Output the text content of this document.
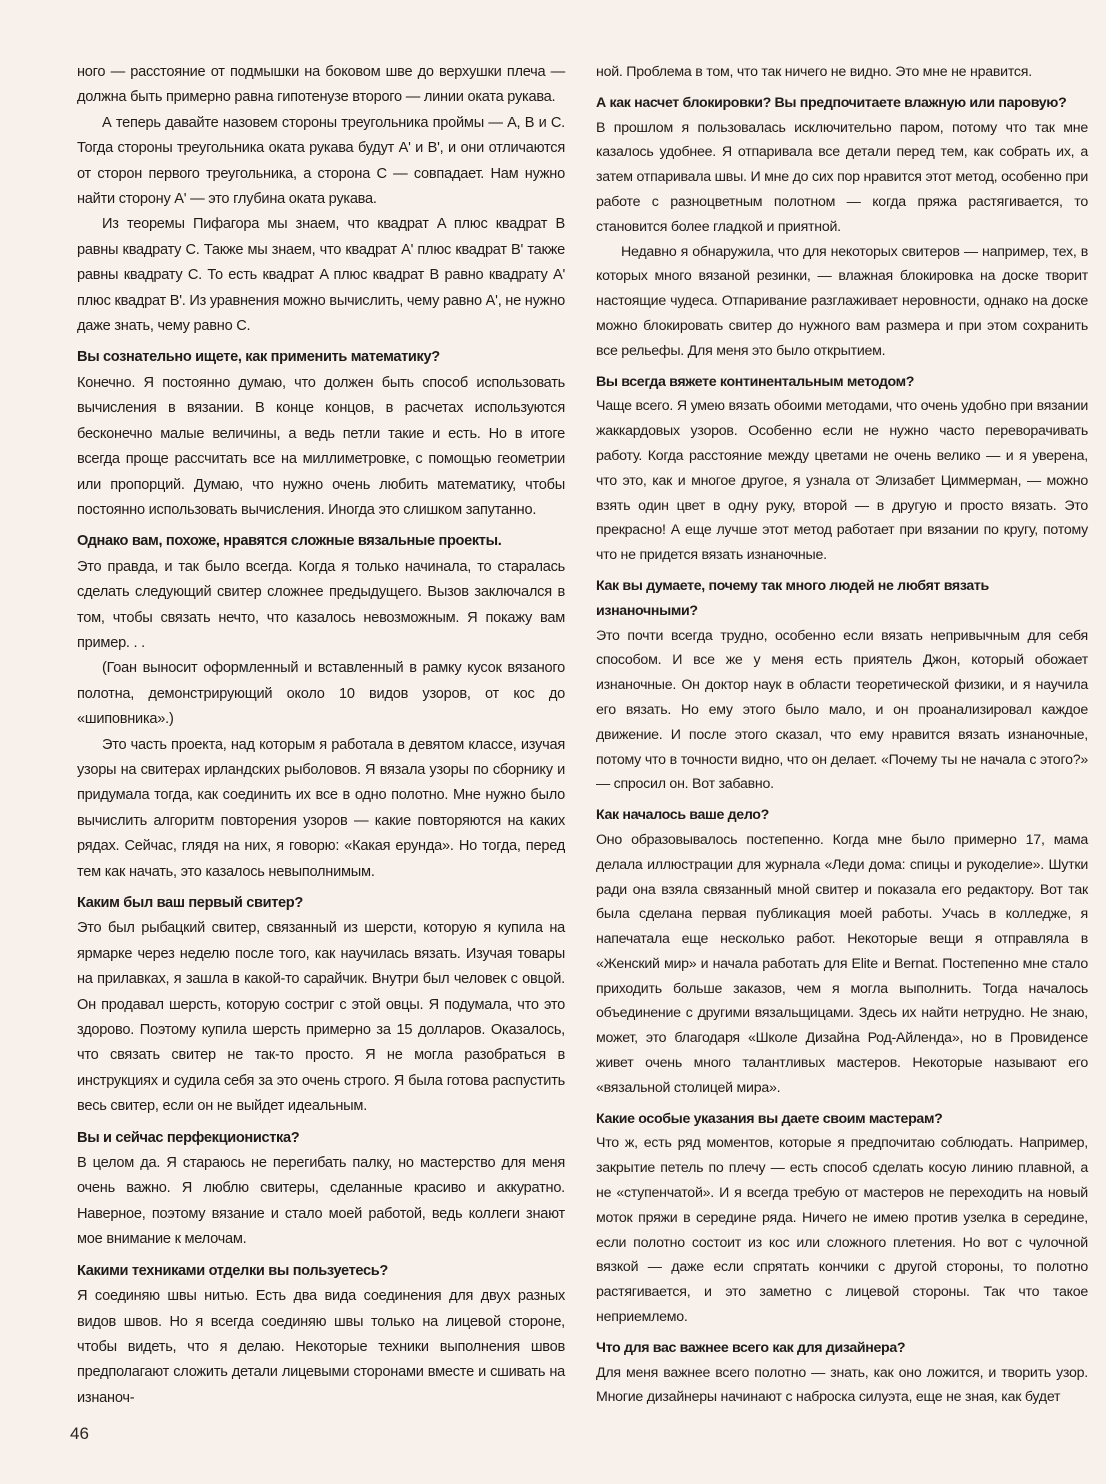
ного — расстояние от подмышки на боковом шве до верхушки плеча — должна быть примерно равна гипотенузе второго — линии оката рукава.

А теперь давайте назовем стороны треугольника проймы — A, B и C. Тогда стороны треугольника оката рукава будут A' и B', и они отличаются от сторон первого треугольника, а сторона C — совпадает. Нам нужно найти сторону A' — это глубина оката рукава.

Из теоремы Пифагора мы знаем, что квадрат A плюс квадрат B равны квадрату C. Также мы знаем, что квадрат A' плюс квадрат B' также равны квадрату C. То есть квадрат A плюс квадрат B равно квадрату A' плюс квадрат B'. Из уравнения можно вычислить, чему равно A', не нужно даже знать, чему равно C.

Вы сознательно ищете, как применить математику?

Конечно. Я постоянно думаю, что должен быть способ использовать вычисления в вязании. В конце концов, в расчетах используются бесконечно малые величины, а ведь петли такие и есть. Но в итоге всегда проще рассчитать все на миллиметровке, с помощью геометрии или пропорций. Думаю, что нужно очень любить математику, чтобы постоянно использовать вычисления. Иногда это слишком запутанно.

Однако вам, похоже, нравятся сложные вязальные проекты.

Это правда, и так было всегда. Когда я только начинала, то старалась сделать следующий свитер сложнее предыдущего. Вызов заключался в том, чтобы связать нечто, что казалось невозможным. Я покажу вам пример. . .

(Гоан выносит оформленный и вставленный в рамку кусок вязаного полотна, демонстрирующий около 10 видов узоров, от кос до «шиповника».)

Это часть проекта, над которым я работала в девятом классе, изучая узоры на свитерах ирландских рыболовов. Я вязала узоры по сборнику и придумала тогда, как соединить их все в одно полотно. Мне нужно было вычислить алгоритм повторения узоров — какие повторяются на каких рядах. Сейчас, глядя на них, я говорю: «Какая ерунда». Но тогда, перед тем как начать, это казалось невыполнимым.

Каким был ваш первый свитер?

Это был рыбацкий свитер, связанный из шерсти, которую я купила на ярмарке через неделю после того, как научилась вязать. Изучая товары на прилавках, я зашла в какой-то сарайчик. Внутри был человек с овцой. Он продавал шерсть, которую состриг с этой овцы. Я подумала, что это здорово. Поэтому купила шерсть примерно за 15 долларов. Оказалось, что связать свитер не так-то просто. Я не могла разобраться в инструкциях и судила себя за это очень строго. Я была готова распустить весь свитер, если он не выйдет идеальным.

Вы и сейчас перфекционистка?

В целом да. Я стараюсь не перегибать палку, но мастерство для меня очень важно. Я люблю свитеры, сделанные красиво и аккуратно. Наверное, поэтому вязание и стало моей работой, ведь коллеги знают мое внимание к мелочам.

Какими техниками отделки вы пользуетесь?

Я соединяю швы нитью. Есть два вида соединения для двух разных видов швов. Но я всегда соединяю швы только на лицевой стороне, чтобы видеть, что я делаю. Некоторые техники выполнения швов предполагают сложить детали лицевыми сторонами вместе и сшивать на изнаноч-

ной. Проблема в том, что так ничего не видно. Это мне не нравится.

А как насчет блокировки? Вы предпочитаете влажную или паровую?

В прошлом я пользовалась исключительно паром, потому что так мне казалось удобнее. Я отпаривала все детали перед тем, как собрать их, а затем отпаривала швы. И мне до сих пор нравится этот метод, особенно при работе с разноцветным полотном — когда пряжа растягивается, то становится более гладкой и приятной.

Недавно я обнаружила, что для некоторых свитеров — например, тех, в которых много вязаной резинки, — влажная блокировка на доске творит настоящие чудеса. Отпаривание разглаживает неровности, однако на доске можно блокировать свитер до нужного вам размера и при этом сохранить все рельефы. Для меня это было открытием.

Вы всегда вяжете континентальным методом?

Чаще всего. Я умею вязать обоими методами, что очень удобно при вязании жаккардовых узоров. Особенно если не нужно часто переворачивать работу. Когда расстояние между цветами не очень велико — и я уверена, что это, как и многое другое, я узнала от Элизабет Циммерман, — можно взять один цвет в одну руку, второй — в другую и просто вязать. Это прекрасно! А еще лучше этот метод работает при вязании по кругу, потому что не придется вязать изнаночные.

Как вы думаете, почему так много людей не любят вязать изнаночными?

Это почти всегда трудно, особенно если вязать непривычным для себя способом. И все же у меня есть приятель Джон, который обожает изнаночные. Он доктор наук в области теоретической физики, и я научила его вязать. Но ему этого было мало, и он проанализировал каждое движение. И после этого сказал, что ему нравится вязать изнаночные, потому что в точности видно, что он делает. «Почему ты не начала с этого?» — спросил он. Вот забавно.

Как началось ваше дело?

Оно образовывалось постепенно. Когда мне было примерно 17, мама делала иллюстрации для журнала «Леди дома: спицы и рукоделие». Шутки ради она взяла связанный мной свитер и показала его редактору. Вот так была сделана первая публикация моей работы. Учась в колледже, я напечатала еще несколько работ. Некоторые вещи я отправляла в «Женский мир» и начала работать для Elite и Bernat. Постепенно мне стало приходить больше заказов, чем я могла выполнить. Тогда началось объединение с другими вязальщицами. Здесь их найти нетрудно. Не знаю, может, это благодаря «Школе Дизайна Род-Айленда», но в Провиденсе живет очень много талантливых мастеров. Некоторые называют его «вязальной столицей мира».

Какие особые указания вы даете своим мастерам?

Что ж, есть ряд моментов, которые я предпочитаю соблюдать. Например, закрытие петель по плечу — есть способ сделать косую линию плавной, а не «ступенчатой». И я всегда требую от мастеров не переходить на новый моток пряжи в середине ряда. Ничего не имею против узелка в середине, если полотно состоит из кос или сложного плетения. Но вот с чулочной вязкой — даже если спрятать кончики с другой стороны, то полотно растягивается, и это заметно с лицевой стороны. Так что такое неприемлемо.

Что для вас важнее всего как для дизайнера?

Для меня важнее всего полотно — знать, как оно ложится, и творить узор. Многие дизайнеры начинают с наброска силуэта, еще не зная, как будет

46
